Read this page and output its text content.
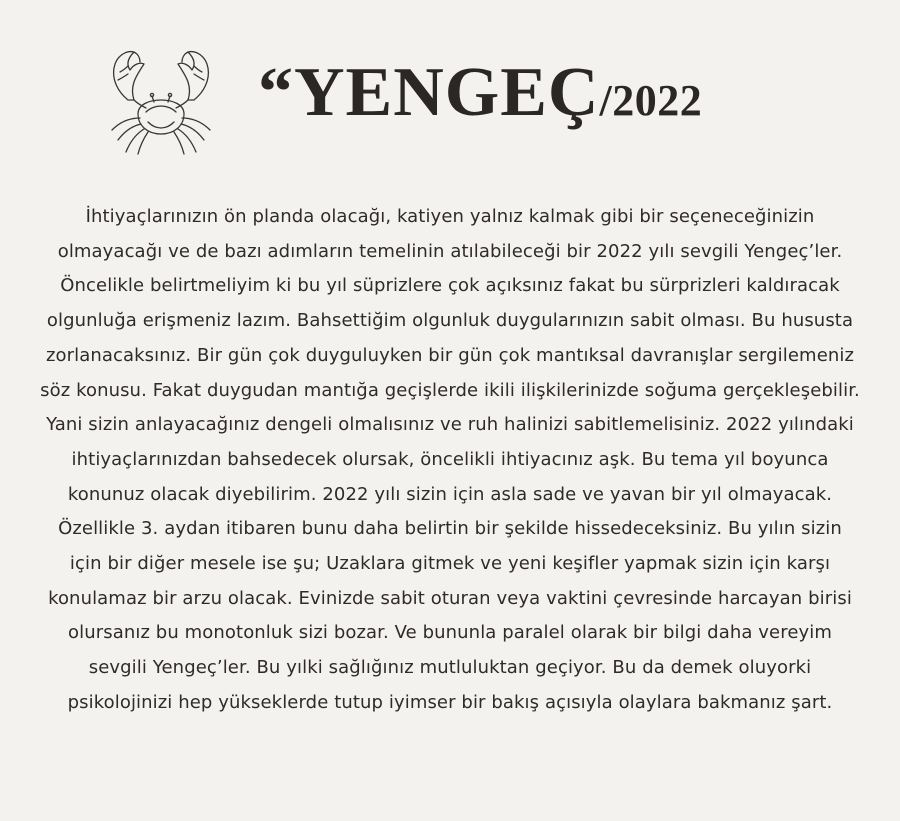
“YENGEÇ/2022
İhtiyaçlarınızın ön planda olacağı, katiyen yalnız kalmak gibi bir seçeneceğinizin
olmayacağı ve de bazı adımların temelinin atılabileceği bir 2022 yılı sevgili Yengeç’ler.
Öncelikle belirtmeliyim ki bu yıl süprizlere çok açıksınız fakat bu sürprizleri kaldıracak
olgunluğa erişmeniz lazım. Bahsettiğim olgunluk duygularınızın sabit olması. Bu hususta
zorlanacaksınız. Bir gün çok duyguluyken bir gün çok mantıksal davranışlar sergilemeniz
söz konusu. Fakat duygudan mantığa geçişlerde ikili ilişkilerinizde soğuma gerçekleşebilir.
Yani sizin anlayacağınız dengeli olmalısınız ve ruh halinizi sabitlemelisiniz. 2022 yılındaki
ihtiyaçlarınızdan bahsedecek olursak, öncelikli ihtiyacınız aşk. Bu tema yıl boyunca
konunuz olacak diyebilirim. 2022 yılı sizin için asla sade ve yavan bir yıl olmayacak.
Özellikle 3. aydan itibaren bunu daha belirtin bir şekilde hissedeceksiniz. Bu yılın sizin
için bir diğer mesele ise şu; Uzaklara gitmek ve yeni keşifler yapmak sizin için karşı
konulamaz bir arzu olacak. Evinizde sabit oturan veya vaktini çevresinde harcayan birisi
olursanız bu monotonluk sizi bozar. Ve bununla paralel olarak bir bilgi daha vereyim
sevgili Yengeç’ler. Bu yılki sağlığınız mutluluktan geçiyor. Bu da demek oluyorki
psikolojinizi hep yükseklerde tutup iyimser bir bakış açısıyla olaylara bakmanız şart.
